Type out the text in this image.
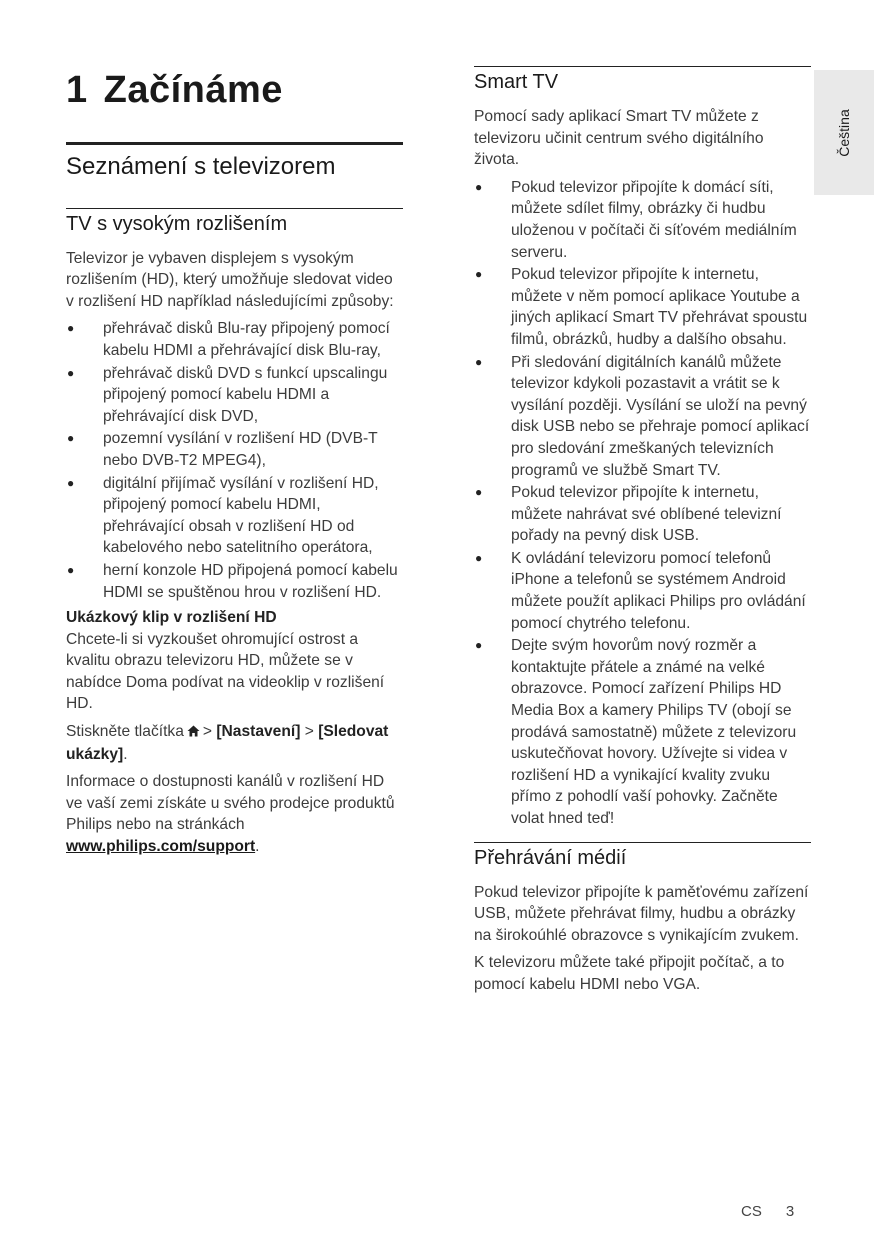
Čeština
1 Začínáme
Seznámení s televizorem
TV s vysokým rozlišením

Televizor je vybaven displejem s vysokým rozlišením (HD), který umožňuje sledovat video v rozlišení HD například následujícími způsoby:

● přehrávač disků Blu-ray připojený pomocí kabelu HDMI a přehrávající disk Blu-ray,
● přehrávač disků DVD s funkcí upscalingu připojený pomocí kabelu HDMI a přehrávající disk DVD,
● pozemní vysílání v rozlišení HD (DVB-T nebo DVB-T2 MPEG4),
● digitální přijímač vysílání v rozlišení HD, připojený pomocí kabelu HDMI, přehrávající obsah v rozlišení HD od kabelového nebo satelitního operátora,
● herní konzole HD připojená pomocí kabelu HDMI se spuštěnou hrou v rozlišení HD.
Ukázkový klip v rozlišení HD

Chcete-li si vyzkoušet ohromující ostrost a kvalitu obrazu televizoru HD, můžete se v nabídce Doma podívat na videoklip v rozlišení HD.

Stiskněte tlačítka > [Nastavení] > [Sledovat ukázky].

Informace o dostupnosti kanálů v rozlišení HD ve vaší zemi získáte u svého prodejce produktů Philips nebo na stránkách www.philips.com/support.

Smart TV

Pomocí sady aplikací Smart TV můžete z televizoru učinit centrum svého digitálního života.

● Pokud televizor připojíte k domácí síti, můžete sdílet filmy, obrázky či hudbu uloženou v počítači či síťovém mediálním serveru.
● Pokud televizor připojíte k internetu, můžete v něm pomocí aplikace Youtube a jiných aplikací Smart TV přehrávat spoustu filmů, obrázků, hudby a dalšího obsahu.
● Při sledování digitálních kanálů můžete televizor kdykoli pozastavit a vrátit se k vysílání později. Vysílání se uloží na pevný disk USB nebo se přehraje pomocí aplikací pro sledování zmeškaných televizních programů ve službě Smart TV.
● Pokud televizor připojíte k internetu, můžete nahrávat své oblíbené televizní pořady na pevný disk USB.
● K ovládání televizoru pomocí telefonů iPhone a telefonů se systémem Android můžete použít aplikaci Philips pro ovládání pomocí chytrého telefonu.
● Dejte svým hovorům nový rozměr a kontaktujte přátele a známé na velké obrazovce. Pomocí zařízení Philips HD Media Box a kamery Philips TV (obojí se prodává samostatně) můžete z televizoru uskutečňovat hovory. Užívejte si videa v rozlišení HD a vynikající kvality zvuku přímo z pohodlí vaší pohovky. Začněte volat hned teď!
Přehrávání médií

Pokud televizor připojíte k paměťovému zařízení USB, můžete přehrávat filmy, hudbu a obrázky na širokoúhlé obrazovce s vynikajícím zvukem.

K televizoru můžete také připojit počítač, a to pomocí kabelu HDMI nebo VGA.

CS 3
